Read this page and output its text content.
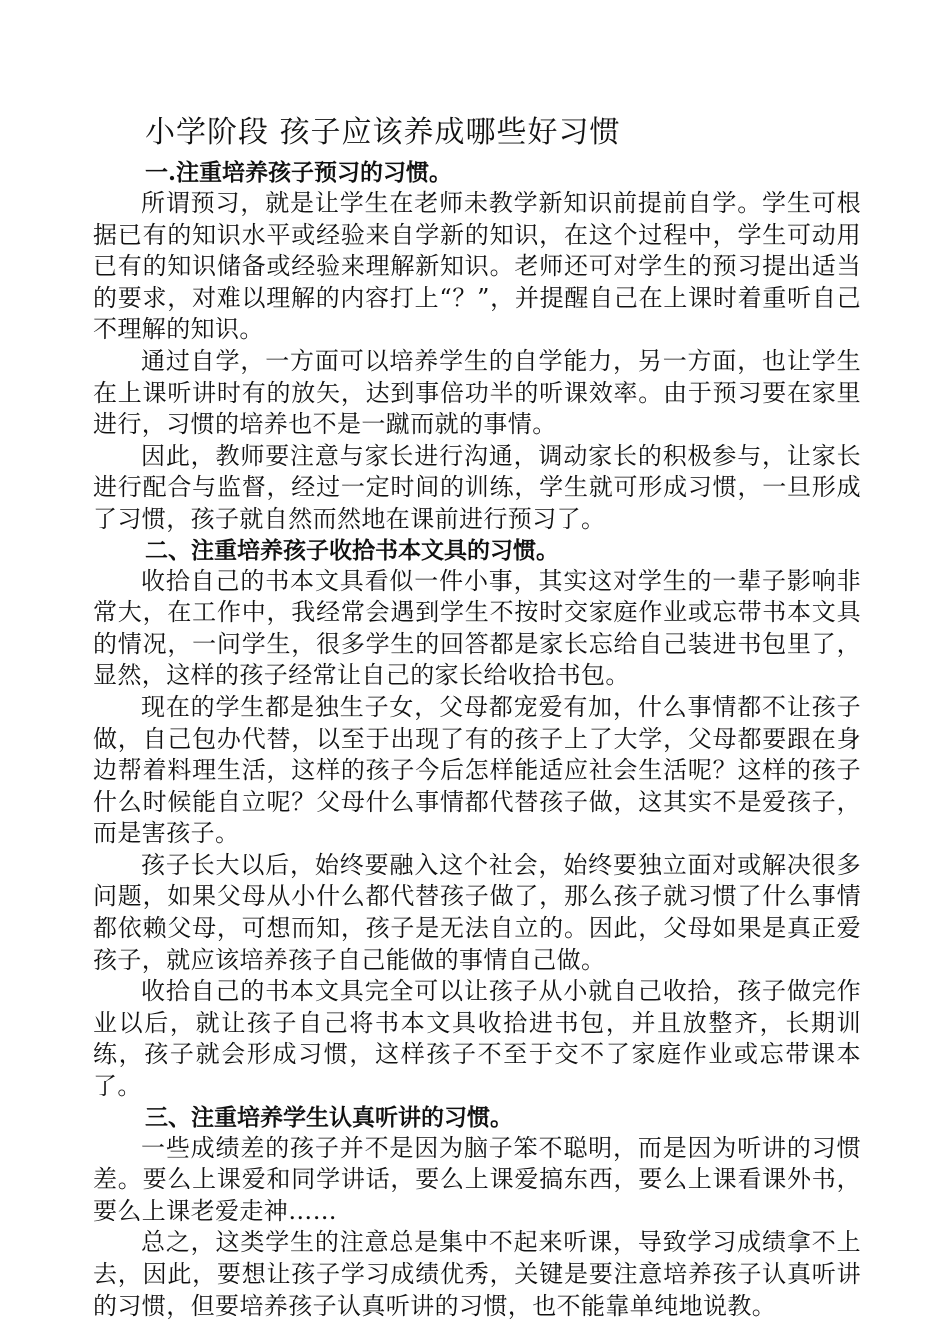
小学阶段 孩子应该养成哪些好习惯
一.注重培养孩子预习的习惯。

所谓预习，就是让学生在老师未教学新知识前提前自学。学生可根据已有的知识水平或经验来自学新的知识，在这个过程中，学生可动用已有的知识储备或经验来理解新知识。老师还可对学生的预习提出适当的要求，对难以理解的内容打上“？”，并提醒自己在上课时着重听自己不理解的知识。

通过自学，一方面可以培养学生的自学能力，另一方面，也让学生在上课听讲时有的放矢，达到事倍功半的听课效率。由于预习要在家里进行，习惯的培养也不是一蹴而就的事情。

因此，教师要注意与家长进行沟通，调动家长的积极参与，让家长进行配合与监督，经过一定时间的训练，学生就可形成习惯，一旦形成了习惯，孩子就自然而然地在课前进行预习了。

二、注重培养孩子收拾书本文具的习惯。

收拾自己的书本文具看似一件小事，其实这对学生的一辈子影响非常大，在工作中，我经常会遇到学生不按时交家庭作业或忘带书本文具的情况，一问学生，很多学生的回答都是家长忘给自己装进书包里了，显然，这样的孩子经常让自己的家长给收拾书包。

现在的学生都是独生子女，父母都宠爱有加，什么事情都不让孩子做，自己包办代替，以至于出现了有的孩子上了大学，父母都要跟在身边帮着料理生活，这样的孩子今后怎样能适应社会生活呢？这样的孩子什么时候能自立呢？父母什么事情都代替孩子做，这其实不是爱孩子，而是害孩子。

孩子长大以后，始终要融入这个社会，始终要独立面对或解决很多问题，如果父母从小什么都代替孩子做了，那么孩子就习惯了什么事情都依赖父母，可想而知，孩子是无法自立的。因此，父母如果是真正爱孩子，就应该培养孩子自己能做的事情自己做。

收拾自己的书本文具完全可以让孩子从小就自己收拾，孩子做完作业以后，就让孩子自己将书本文具收拾进书包，并且放整齐，长期训练，孩子就会形成习惯，这样孩子不至于交不了家庭作业或忘带课本了。

三、注重培养学生认真听讲的习惯。

一些成绩差的孩子并不是因为脑子笨不聪明，而是因为听讲的习惯差。要么上课爱和同学讲话，要么上课爱搞东西，要么上课看课外书，要么上课老爱走神……

总之，这类学生的注意总是集中不起来听课，导致学习成绩拿不上去，因此，要想让孩子学习成绩优秀，关键是要注意培养孩子认真听讲的习惯，但要培养孩子认真听讲的习惯，也不能靠单纯地说教。
